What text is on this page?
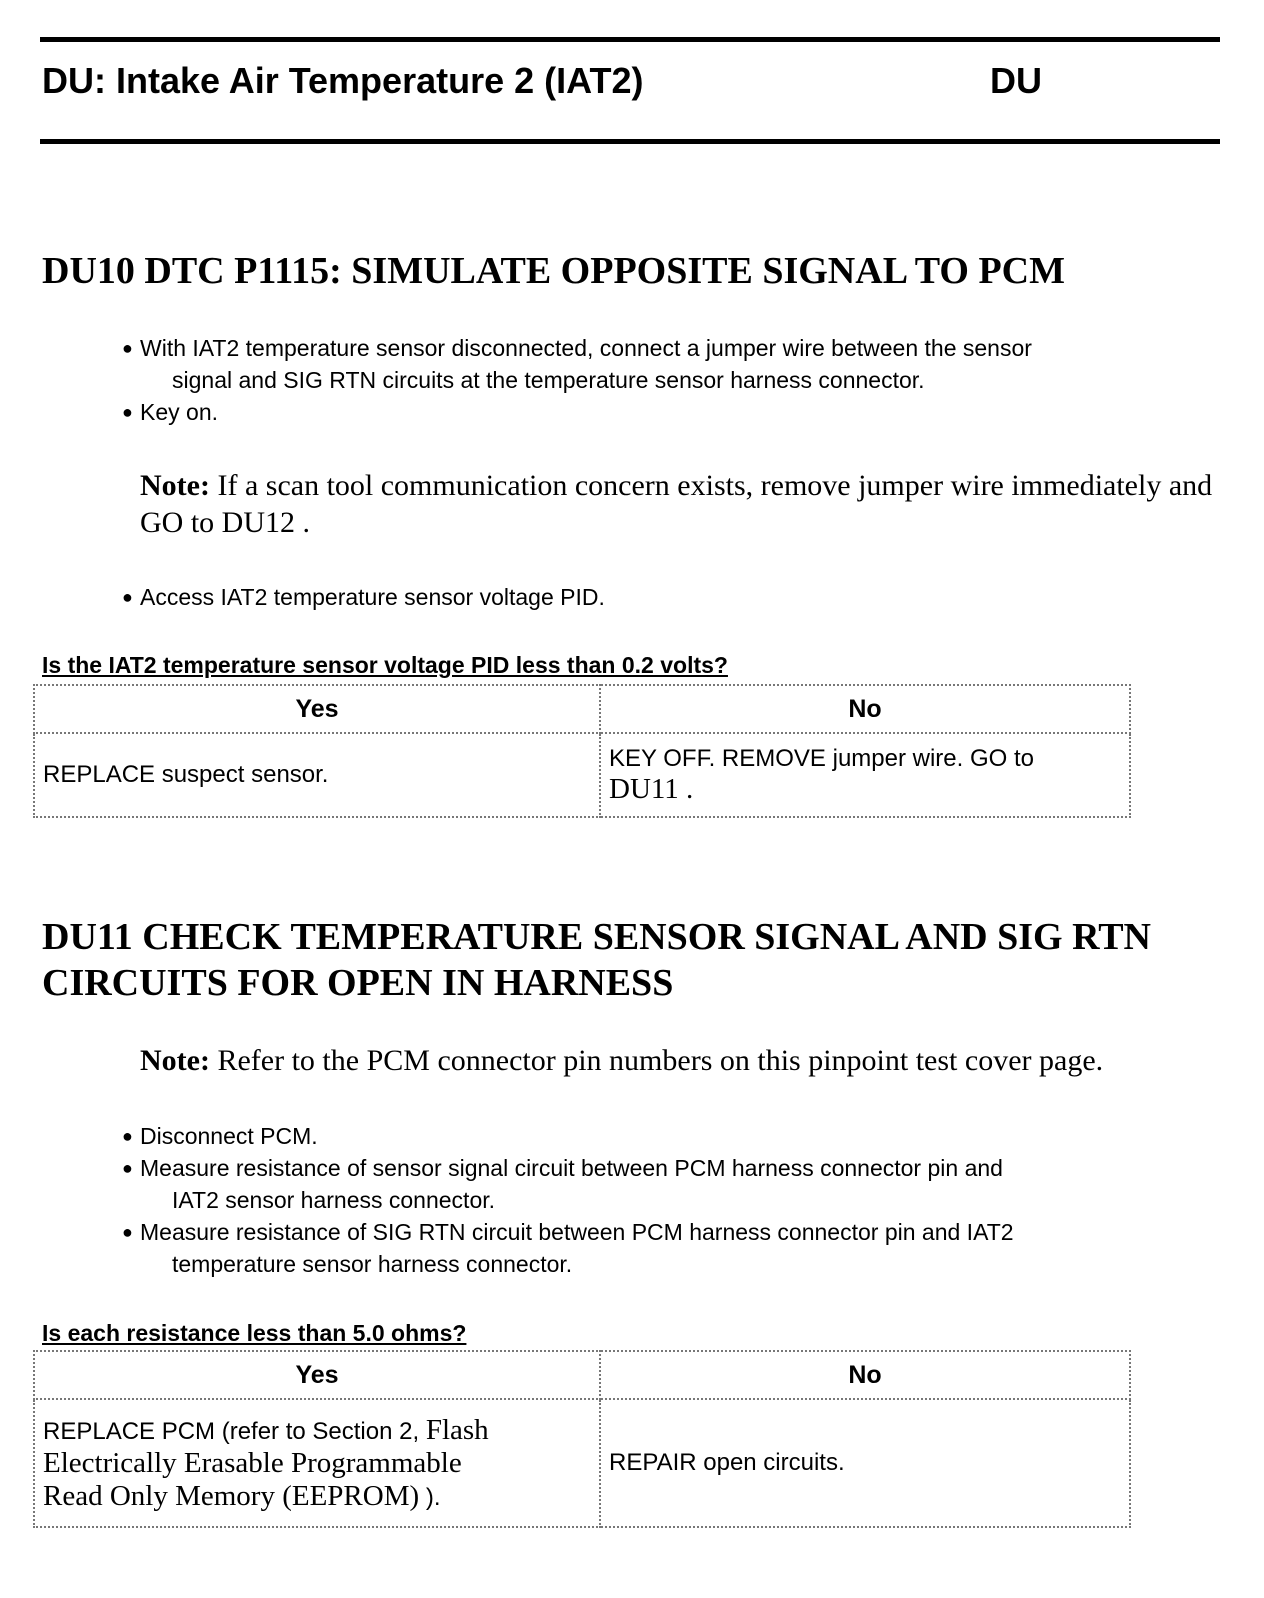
DU: Intake Air Temperature 2 (IAT2)	DU
DU10 DTC P1115: SIMULATE OPPOSITE SIGNAL TO PCM
● With IAT2 temperature sensor disconnected, connect a jumper wire between the sensor
signal and SIG RTN circuits at the temperature sensor harness connector.
● Key on.
Note: If a scan tool communication concern exists, remove jumper wire immediately and GO to DU12 .
● Access IAT2 temperature sensor voltage PID.
Is the IAT2 temperature sensor voltage PID less than 0.2 volts?
Yes	No
REPLACE suspect sensor.	KEY OFF. REMOVE jumper wire. GO to
DU11 .
DU11 CHECK TEMPERATURE SENSOR SIGNAL AND SIG RTN CIRCUITS FOR OPEN IN HARNESS
Note: Refer to the PCM connector pin numbers on this pinpoint test cover page.
● Disconnect PCM.
● Measure resistance of sensor signal circuit between PCM harness connector pin and
IAT2 sensor harness connector.
● Measure resistance of SIG RTN circuit between PCM harness connector pin and IAT2
temperature sensor harness connector.
Is each resistance less than 5.0 ohms?
Yes	No
REPLACE PCM (refer to Section 2, Flash
Electrically Erasable Programmable
Read Only Memory (EEPROM) ).	REPAIR open circuits.
